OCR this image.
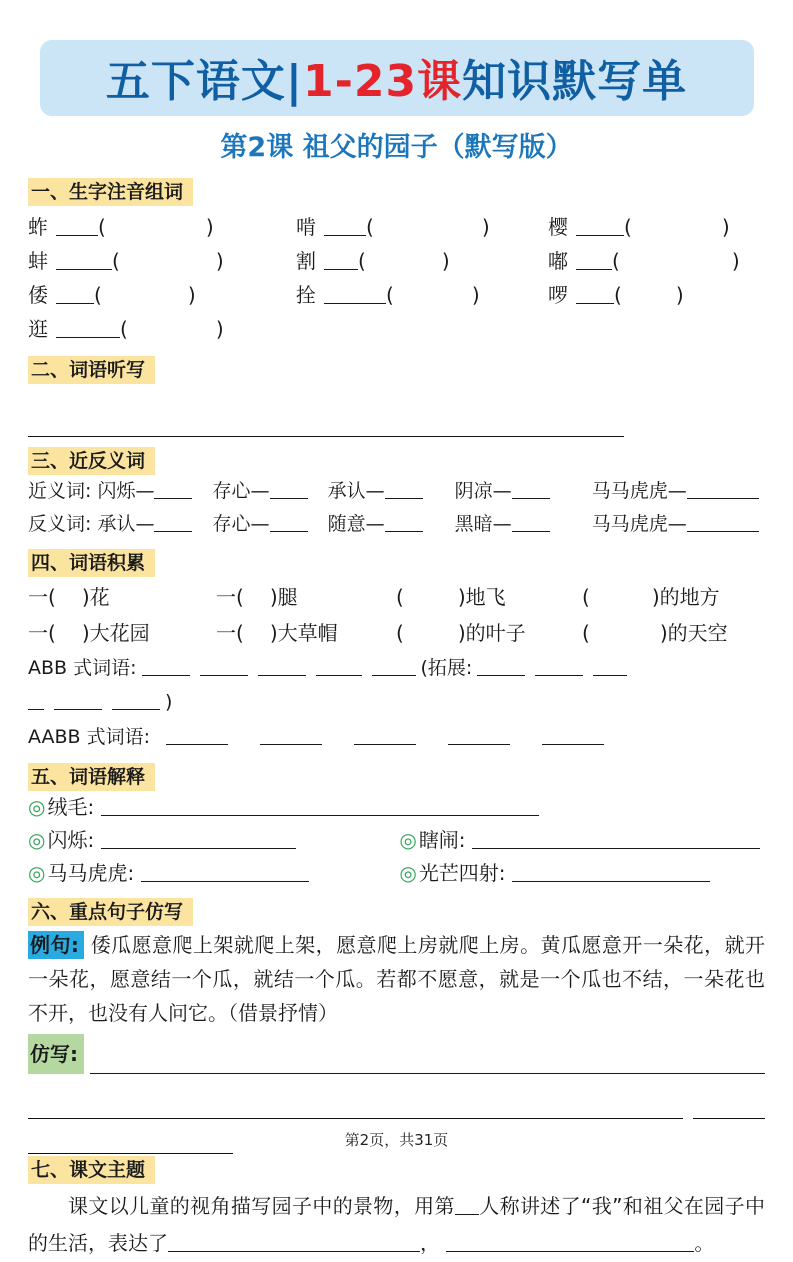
五下语文|1-23课知识默写单
第2课 祖父的园子（默写版）
一、生字注音组词
蚱	(	)	啃	(	)	樱	(	)
蚌	(	)	割 (	)	嘟 (	)
倭 (	)	拴	(	)	啰 (	)
逛	(	)
二、词语听写
三、近反义词
近义词: 闪烁—	存心—	承认—	阴凉—	马马虎虎—
反义词: 承认—	存心—	随意—	黑暗—	马马虎虎—
四、词语积累
一( )花	一( )腿	(	)地飞	(	)的地方
一( )大花园	一( )大草帽	(	)的叶子	(	)的天空
ABB 式词语:	(拓展:
)
AABB 式词语:
五、词语解释
◎ 绒毛:
◎ 闪烁:	◎ 瞎闹:
◎ 马马虎虎:	◎ 光芒四射:
六、重点句子仿写

例句: 倭瓜愿意爬上架就爬上架，愿意爬上房就爬上房。黄瓜愿意开一朵花，就开一朵花，愿意结一个瓜，就结一个瓜。若都不愿意，就是一个瓜也不结，一朵花也不开，也没有人问它。（借景抒情）

仿写:
七、课文主题

课文以儿童的视角描写园子中的景物，用第 人称讲述了“我”和祖父在园子中的生活，表达了	，	。

第2页，共31页
